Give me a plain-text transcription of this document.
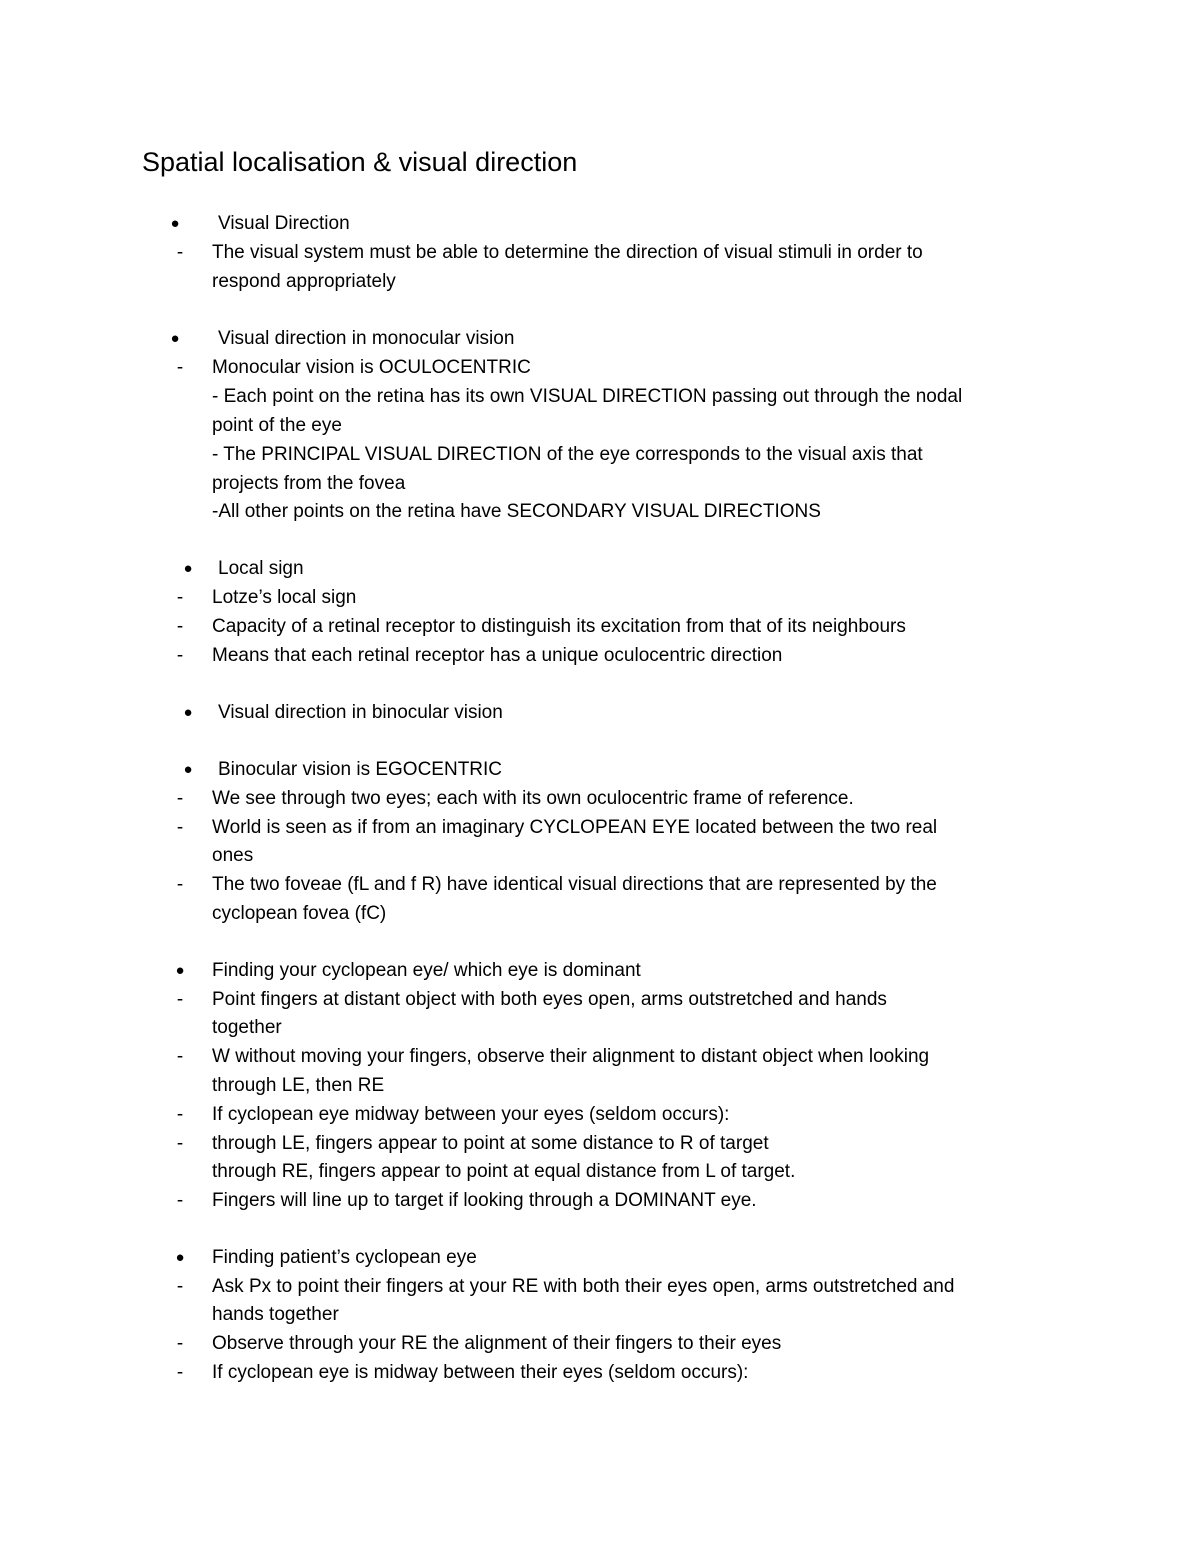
Spatial localisation & visual direction
● Visual Direction
-	The visual system must be able to determine the direction of visual stimuli in order to
respond appropriately
● Visual direction in monocular vision
-	Monocular vision is OCULOCENTRIC
- Each point on the retina has its own VISUAL DIRECTION passing out through the nodal
point of the eye
- The PRINCIPAL VISUAL DIRECTION of the eye corresponds to the visual axis that
projects from the fovea
-All other points on the retina have SECONDARY VISUAL DIRECTIONS
● Local sign
-	Lotze’s local sign
-	Capacity of a retinal receptor to distinguish its excitation from that of its neighbours
-	Means that each retinal receptor has a unique oculocentric direction
● Visual direction in binocular vision
● Binocular vision is EGOCENTRIC
-	We see through two eyes; each with its own oculocentric frame of reference.
-	World is seen as if from an imaginary CYCLOPEAN EYE located between the two real
ones
-	The two foveae (fL and f R) have identical visual directions that are represented by the
cyclopean fovea (fC)
● Finding your cyclopean eye/ which eye is dominant
-	Point fingers at distant object with both eyes open, arms outstretched and hands
together
-	W without moving your fingers, observe their alignment to distant object when looking
through LE, then RE
-	If cyclopean eye midway between your eyes (seldom occurs):
-	through LE, fingers appear to point at some distance to R of target
through RE, fingers appear to point at equal distance from L of target.
-	Fingers will line up to target if looking through a DOMINANT eye.
● Finding patient’s cyclopean eye
-	Ask Px to point their fingers at your RE with both their eyes open, arms outstretched and
hands together
-	Observe through your RE the alignment of their fingers to their eyes
-	If cyclopean eye is midway between their eyes (seldom occurs):
